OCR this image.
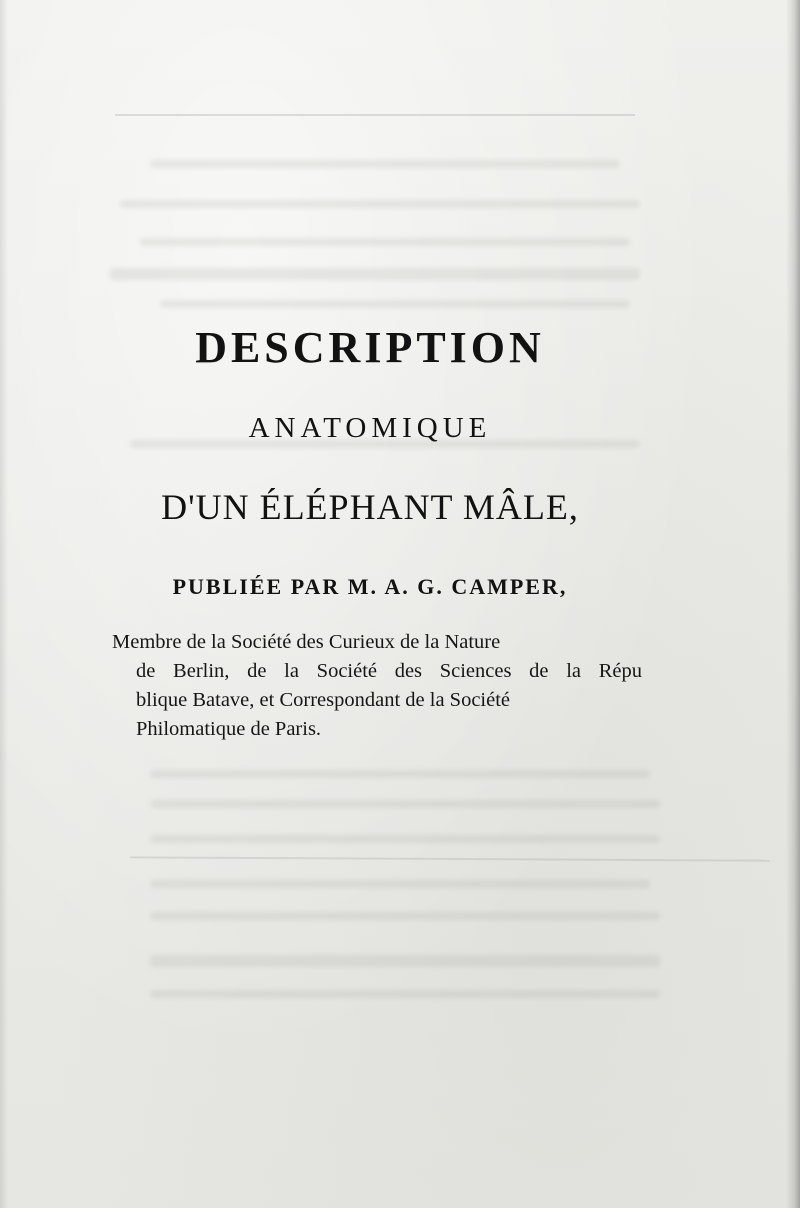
DESCRIPTION
ANATOMIQUE
D'UN ÉLÉPHANT MÂLE,

PUBLIÉE PAR M. A. G. CAMPER,

Membre de la Société des Curieux de la Nature

de Berlin, de la Société des Sciences de la Répu

blique Batave, et Correspondant de la Société

Philomatique de Paris.
